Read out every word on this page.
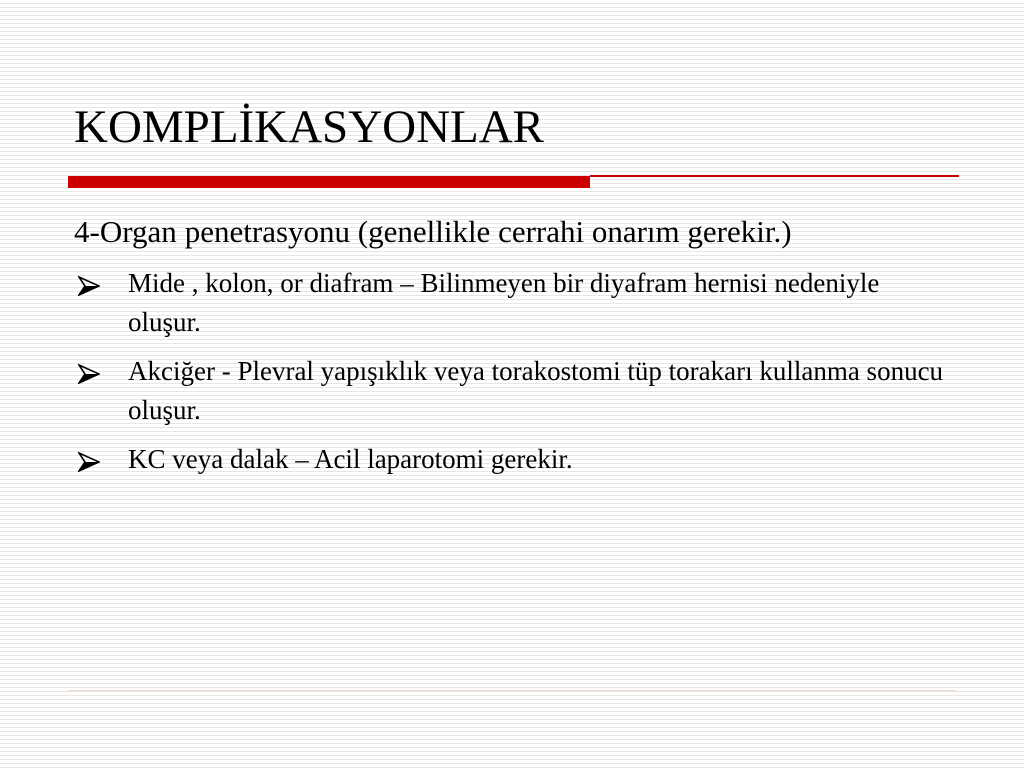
KOMPLİKASYONLAR

4-Organ penetrasyonu (genellikle cerrahi onarım gerekir.)

Mide , kolon, or diafram – Bilinmeyen bir diyafram hernisi nedeniyle oluşur.
Akciğer - Plevral yapışıklık veya torakostomi tüp torakarı kullanma sonucu oluşur.
KC veya dalak – Acil laparotomi gerekir.
